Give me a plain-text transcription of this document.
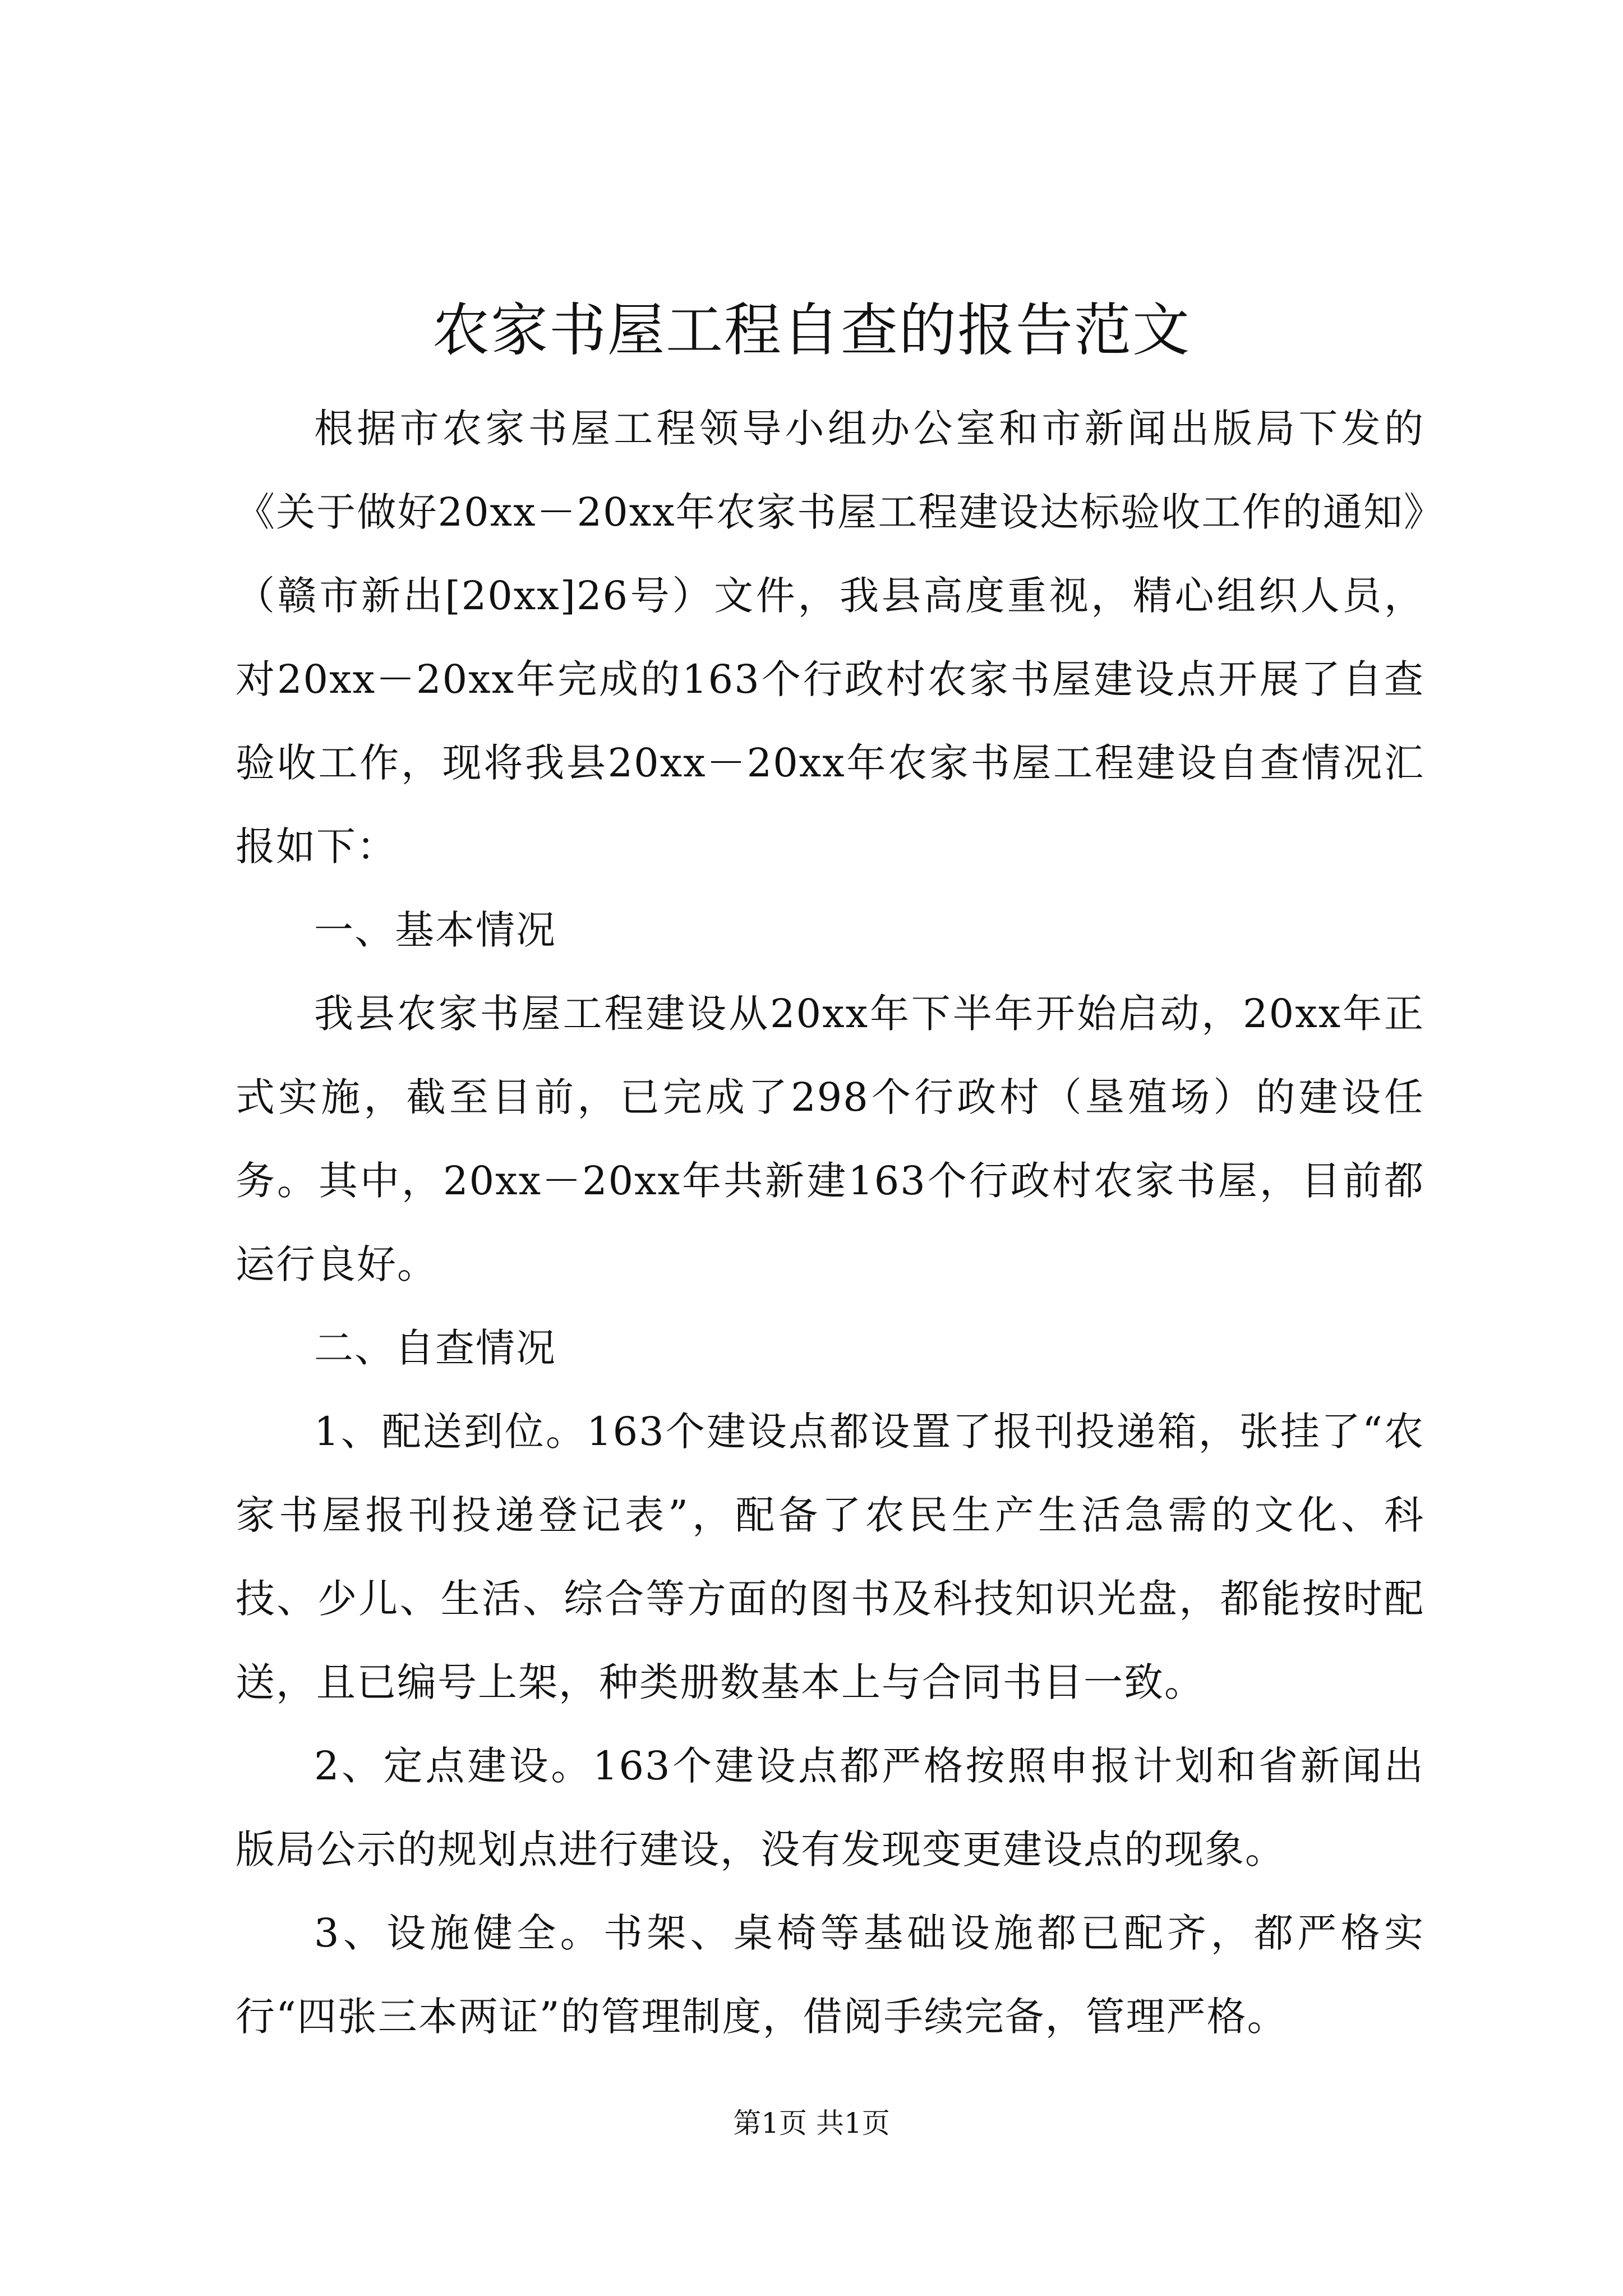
农家书屋工程自查的报告范文

根据市农家书屋工程领导小组办公室和市新闻出版局下发的《关于做好20xx－20xx年农家书屋工程建设达标验收工作的通知》（赣市新出[20xx]26号）文件，我县高度重视，精心组织人员，对20xx－20xx年完成的163个行政村农家书屋建设点开展了自查验收工作，现将我县20xx－20xx年农家书屋工程建设自查情况汇报如下：

一、基本情况

我县农家书屋工程建设从20xx年下半年开始启动，20xx年正式实施，截至目前，已完成了298个行政村（垦殖场）的建设任务。其中，20xx－20xx年共新建163个行政村农家书屋，目前都运行良好。

二、自查情况

1、配送到位。163个建设点都设置了报刊投递箱，张挂了“农家书屋报刊投递登记表”，配备了农民生产生活急需的文化、科技、少儿、生活、综合等方面的图书及科技知识光盘，都能按时配送，且已编号上架，种类册数基本上与合同书目一致。

2、定点建设。163个建设点都严格按照申报计划和省新闻出版局公示的规划点进行建设，没有发现变更建设点的现象。

3、设施健全。书架、桌椅等基础设施都已配齐，都严格实行“四张三本两证”的管理制度，借阅手续完备，管理严格。

第1页 共1页
